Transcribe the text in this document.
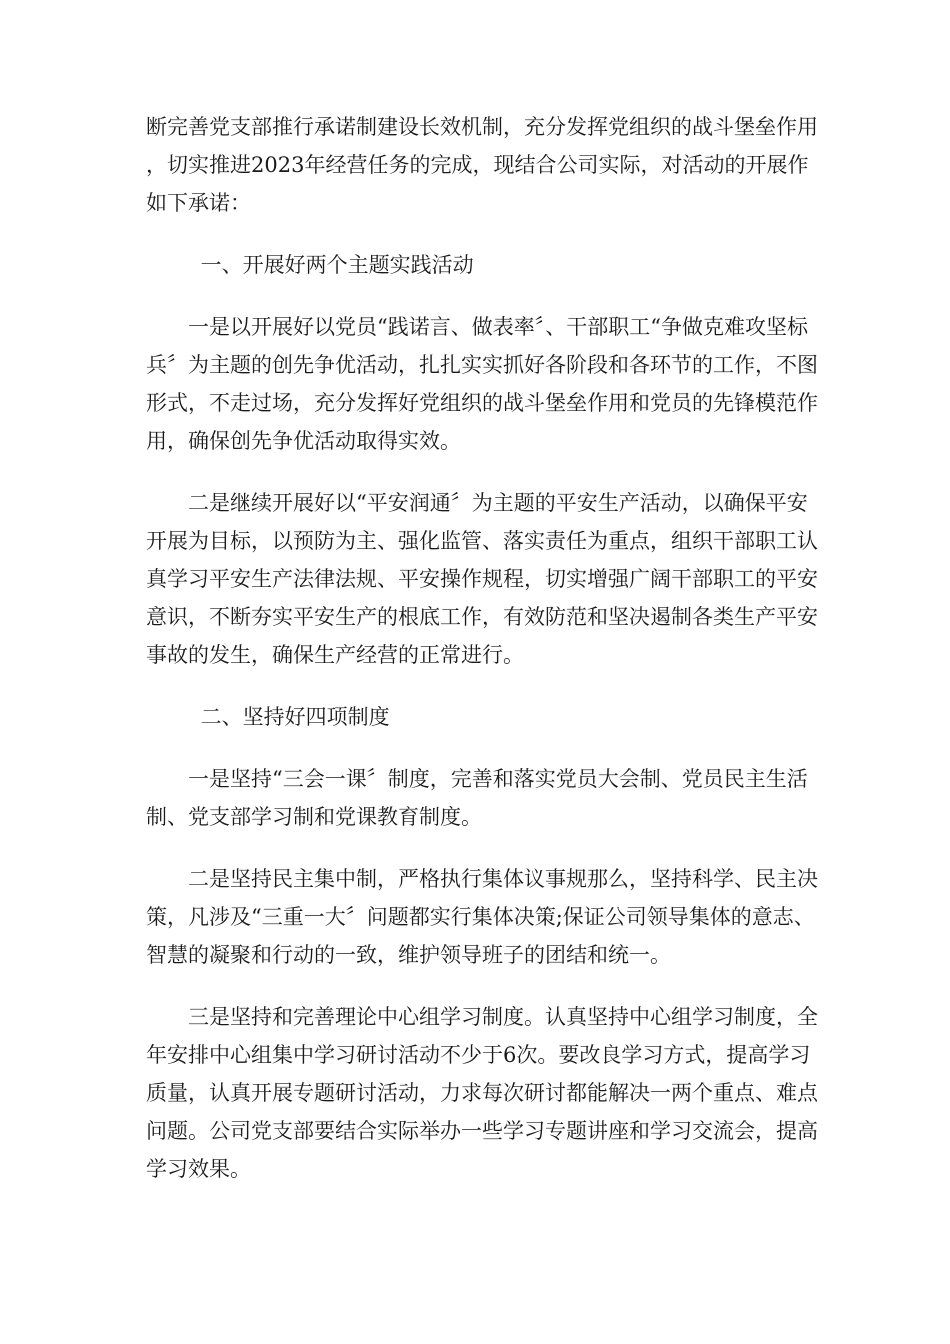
断完善党支部推行承诺制建设长效机制，充分发挥党组织的战斗堡垒作用，切实推进2023年经营任务的完成，现结合公司实际，对活动的开展作如下承诺：

一、开展好两个主题实践活动

一是以开展好以党员“践诺言、做表率〞、干部职工“争做克难攻坚标兵〞为主题的创先争优活动，扎扎实实抓好各阶段和各环节的工作，不图形式，不走过场，充分发挥好党组织的战斗堡垒作用和党员的先锋模范作用，确保创先争优活动取得实效。

二是继续开展好以“平安润通〞为主题的平安生产活动，以确保平安开展为目标，以预防为主、强化监管、落实责任为重点，组织干部职工认真学习平安生产法律法规、平安操作规程，切实增强广阔干部职工的平安意识，不断夯实平安生产的根底工作，有效防范和坚决遏制各类生产平安事故的发生，确保生产经营的正常进行。

二、坚持好四项制度

一是坚持“三会一课〞制度，完善和落实党员大会制、党员民主生活制、党支部学习制和党课教育制度。

二是坚持民主集中制，严格执行集体议事规那么，坚持科学、民主决策，凡涉及“三重一大〞问题都实行集体决策;保证公司领导集体的意志、智慧的凝聚和行动的一致，维护领导班子的团结和统一。

三是坚持和完善理论中心组学习制度。认真坚持中心组学习制度，全年安排中心组集中学习研讨活动不少于6次。要改良学习方式，提高学习质量，认真开展专题研讨活动，力求每次研讨都能解决一两个重点、难点问题。公司党支部要结合实际举办一些学习专题讲座和学习交流会，提高学习效果。
